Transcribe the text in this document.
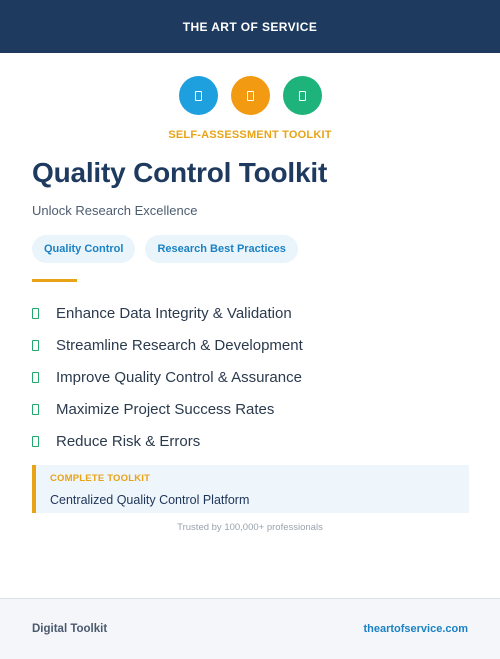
THE ART OF SERVICE
SELF-ASSESSMENT TOOLKIT
Quality Control Toolkit
Unlock Research Excellence
Quality Control	Research Best Practices
Enhance Data Integrity & Validation
Streamline Research & Development
Improve Quality Control & Assurance
Maximize Project Success Rates
Reduce Risk & Errors
COMPLETE TOOLKIT
Centralized Quality Control Platform
Trusted by 100,000+ professionals
Digital Toolkit	theartofservice.com
